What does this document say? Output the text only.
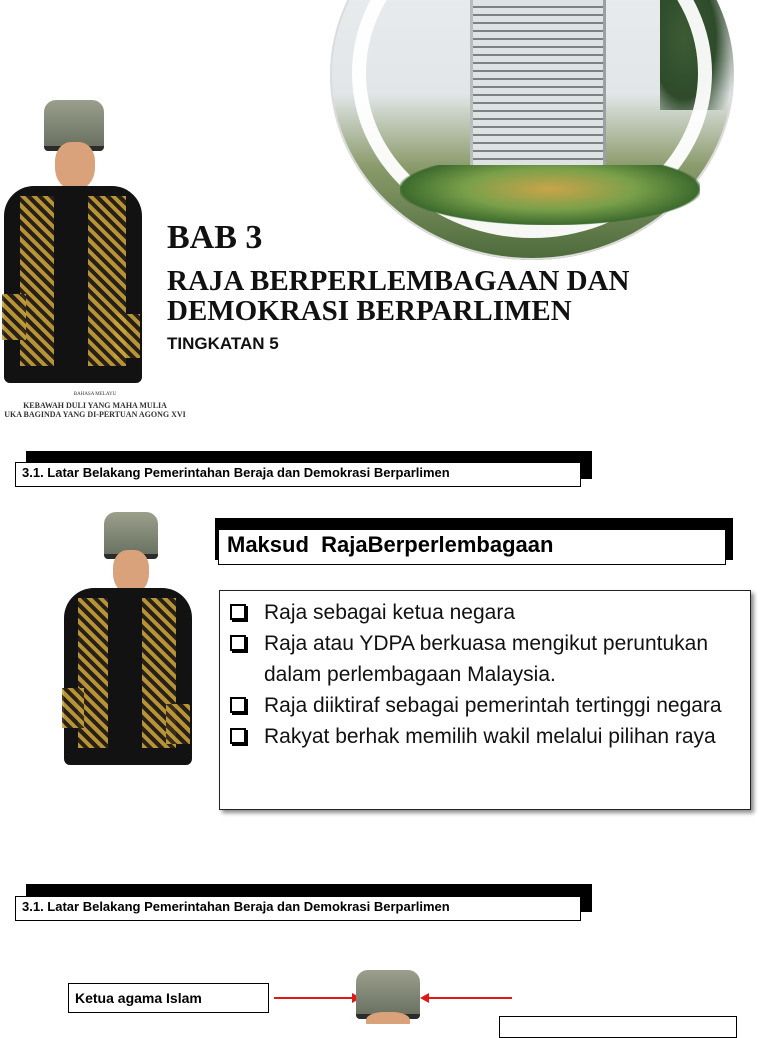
BAHASA MELAYU
KEBAWAH DULI YANG MAHA MULIA
UKA BAGINDA YANG DI-PERTUAN AGONG XVI
BAB 3
RAJA BERPERLEMBAGAAN DAN DEMOKRASI BERPARLIMEN
TINGKATAN 5
3.1. Latar Belakang Pemerintahan Beraja dan Demokrasi Berparlimen
Maksud  RajaBerperlembagaan
Raja sebagai ketua negara
Raja atau YDPA berkuasa mengikut peruntukan dalam perlembagaan Malaysia.
Raja diiktiraf sebagai pemerintah tertinggi negara
Rakyat berhak memilih wakil melalui pilihan raya
3.1. Latar Belakang Pemerintahan Beraja dan Demokrasi Berparlimen
Ketua agama Islam
